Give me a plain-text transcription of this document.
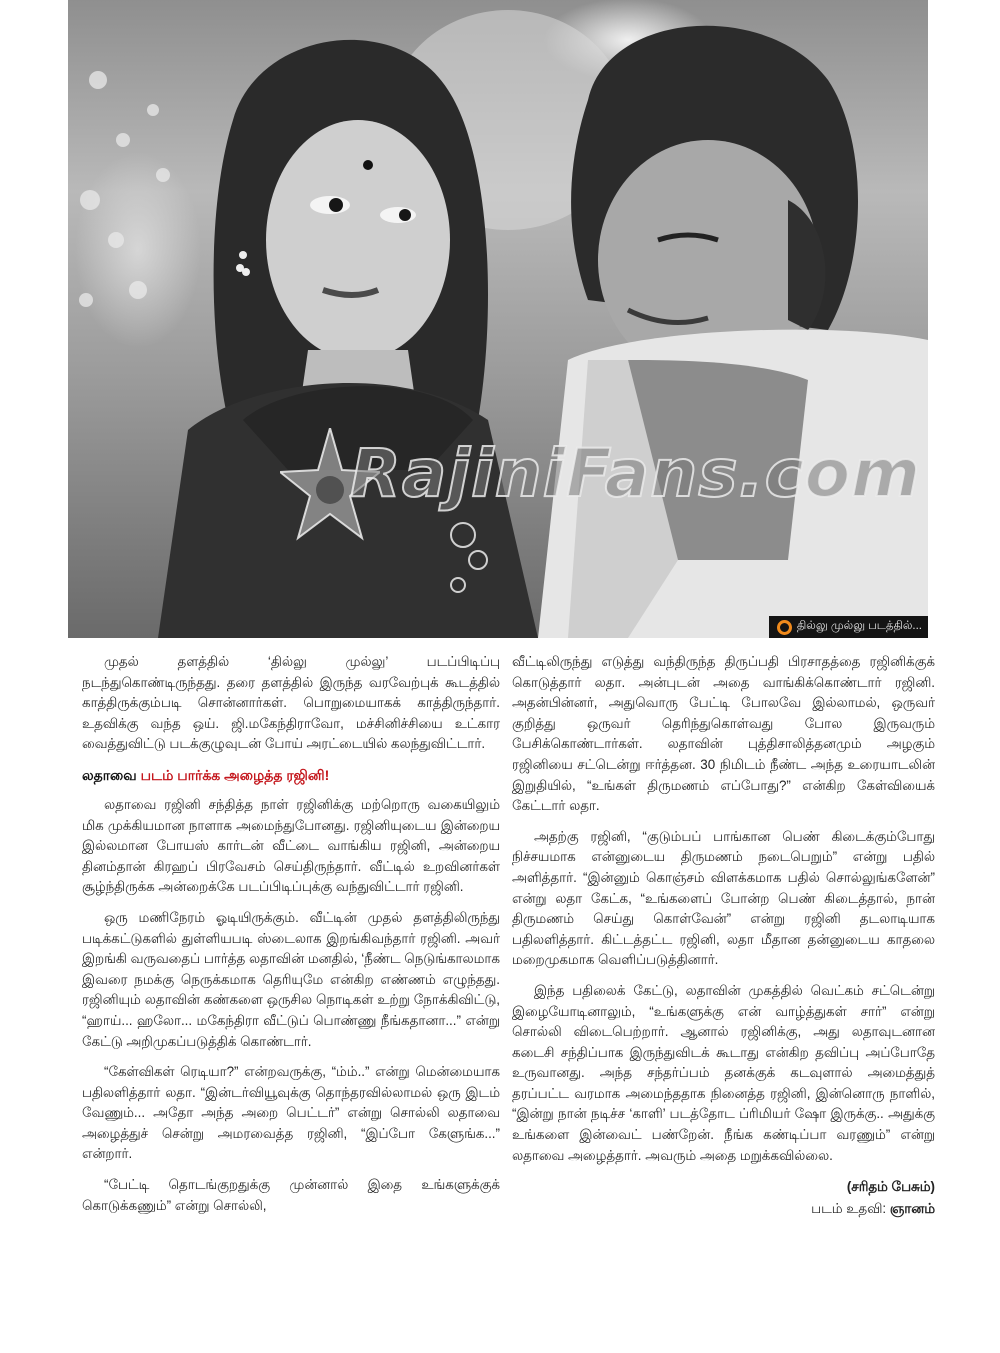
RajiniFans.com
தில்லு முல்லு படத்தில்...

முதல் தளத்தில் ‘தில்லு முல்லு’ படப்பிடிப்பு நடந்துகொண்டிருந்தது. தரை தளத்தில் இருந்த வரவேற்புக் கூடத்தில் காத்திருக்கும்படி சொன்னார்கள். பொறுமையாகக் காத்திருந்தார். உதவிக்கு வந்த ஒய். ஜி.மகேந்திராவோ, மச்சினிச்சியை உட்கார வைத்துவிட்டு படக்குழுவுடன் போய் அரட்டையில் கலந்துவிட்டார்.

லதாவை படம் பார்க்க அழைத்த ரஜினி!

லதாவை ரஜினி சந்தித்த நாள் ரஜினிக்கு மற்றொரு வகையிலும் மிக முக்கியமான நாளாக அமைந்துபோனது. ரஜினியுடைய இன்றைய இல்லமான போயஸ் கார்டன் வீட்டை வாங்கிய ரஜினி, அன்றைய தினம்தான் கிரஹப் பிரவேசம் செய்திருந்தார். வீட்டில் உறவினர்கள் சூழ்ந்திருக்க அன்றைக்கே படப்பிடிப்புக்கு வந்துவிட்டார் ரஜினி.

ஒரு மணிநேரம் ஓடியிருக்கும். வீட்டின் முதல் தளத்திலிருந்து படிக்கட்டுகளில் துள்ளியபடி ஸ்டைலாக இறங்கிவந்தார் ரஜினி. அவர் இறங்கி வருவதைப் பார்த்த லதாவின் மனதில், ‘நீண்ட நெடுங்காலமாக இவரை நமக்கு நெருக்கமாக தெரியுமே என்கிற எண்ணம் எழுந்தது. ரஜினியும் லதாவின் கண்களை ஒருசில நொடிகள் உற்று நோக்கிவிட்டு, “ஹாய்... ஹலோ... மகேந்திரா வீட்டுப் பொண்ணு நீங்கதானா...” என்று கேட்டு அறிமுகப்படுத்திக் கொண்டார்.

“கேள்விகள் ரெடியா?” என்றவருக்கு, “ம்ம்..” என்று மென்மையாக பதிலளித்தார் லதா. “இன்டர்வியூவுக்கு தொந்தரவில்லாமல் ஒரு இடம் வேணும்... அதோ அந்த அறை பெட்டர்” என்று சொல்லி லதாவை அழைத்துச் சென்று அமரவைத்த ரஜினி, “இப்போ கேளுங்க...” என்றார்.

“பேட்டி தொடங்குறதுக்கு முன்னால் இதை உங்களுக்குக் கொடுக்கணும்” என்று சொல்லி,

வீட்டிலிருந்து எடுத்து வந்திருந்த திருப்பதி பிரசாதத்தை ரஜினிக்குக் கொடுத்தார் லதா. அன்புடன் அதை வாங்கிக்கொண்டார் ரஜினி. அதன்பின்னர், அதுவொரு பேட்டி போலவே இல்லாமல், ஒருவர் குறித்து ஒருவர் தெரிந்துகொள்வது போல இருவரும் பேசிக்கொண்டார்கள். லதாவின் புத்திசாலித்தனமும் அழகும் ரஜினியை சட்டென்று ஈர்த்தன. 30 நிமிடம் நீண்ட அந்த உரையாடலின் இறுதியில், “உங்கள் திருமணம் எப்போது?” என்கிற கேள்வியைக் கேட்டார் லதா.

அதற்கு ரஜினி, “குடும்பப் பாங்கான பெண் கிடைக்கும்போது நிச்சயமாக என்னுடைய திருமணம் நடைபெறும்” என்று பதில் அளித்தார். “இன்னும் கொஞ்சம் விளக்கமாக பதில் சொல்லுங்களேன்” என்று லதா கேட்க, “உங்களைப் போன்ற பெண் கிடைத்தால், நான் திருமணம் செய்து கொள்வேன்” என்று ரஜினி தடலாடியாக பதிலளித்தார். கிட்டத்தட்ட ரஜினி, லதா மீதான தன்னுடைய காதலை மறைமுகமாக வெளிப்படுத்தினார்.

இந்த பதிலைக் கேட்டு, லதாவின் முகத்தில் வெட்கம் சட்டென்று இழையோடினாலும், “உங்களுக்கு என் வாழ்த்துகள் சார்” என்று சொல்லி விடைபெற்றார். ஆனால் ரஜினிக்கு, அது லதாவுடனான கடைசி சந்திப்பாக இருந்துவிடக் கூடாது என்கிற தவிப்பு அப்போதே உருவானது. அந்த சந்தர்ப்பம் தனக்குக் கடவுளால் அமைத்துத் தரப்பட்ட வரமாக அமைந்ததாக நினைத்த ரஜினி, இன்னொரு நாளில், “இன்று நான் நடிச்ச ‘காளி’ படத்தோட ப்ரிமியர் ஷோ இருக்கு.. அதுக்கு உங்களை இன்வைட் பண்றேன். நீங்க கண்டிப்பா வரணும்” என்று லதாவை அழைத்தார். அவரும் அதை மறுக்கவில்லை.

(சரிதம் பேசும்)
படம் உதவி: ஞானம்
